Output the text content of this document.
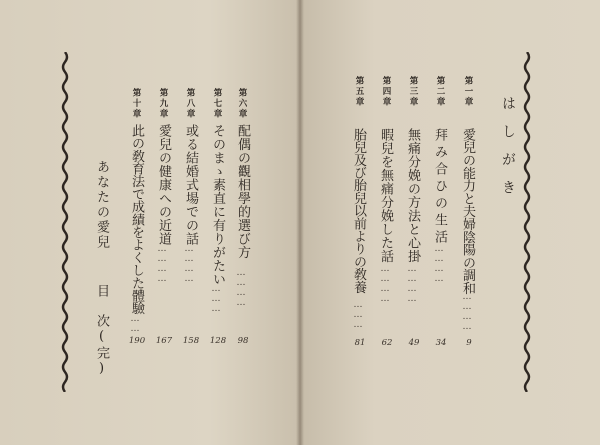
第六章
配偶の觀相學的選び方
…………
98
第七章
そのまゝ素直に有りがたい
………
128
第八章
或る結婚式場での話
…………
158
第九章
愛兒の健康への近道
…………
167
第十章
此の敎育法で成績をよくした體驗
……
190
あなたの愛兒目　次(完)
はしがき
第一章
愛兒の能力と夫婦陰陽の調和
…………
9
第二章
拜み合ひの生活
…………
34
第三章
無痛分娩の方法と心掛
…………
49
第四章
暇兒を無痛分娩した話
…………
62
第五章
胎兒及び胎兒以前よりの敎養
………
81
